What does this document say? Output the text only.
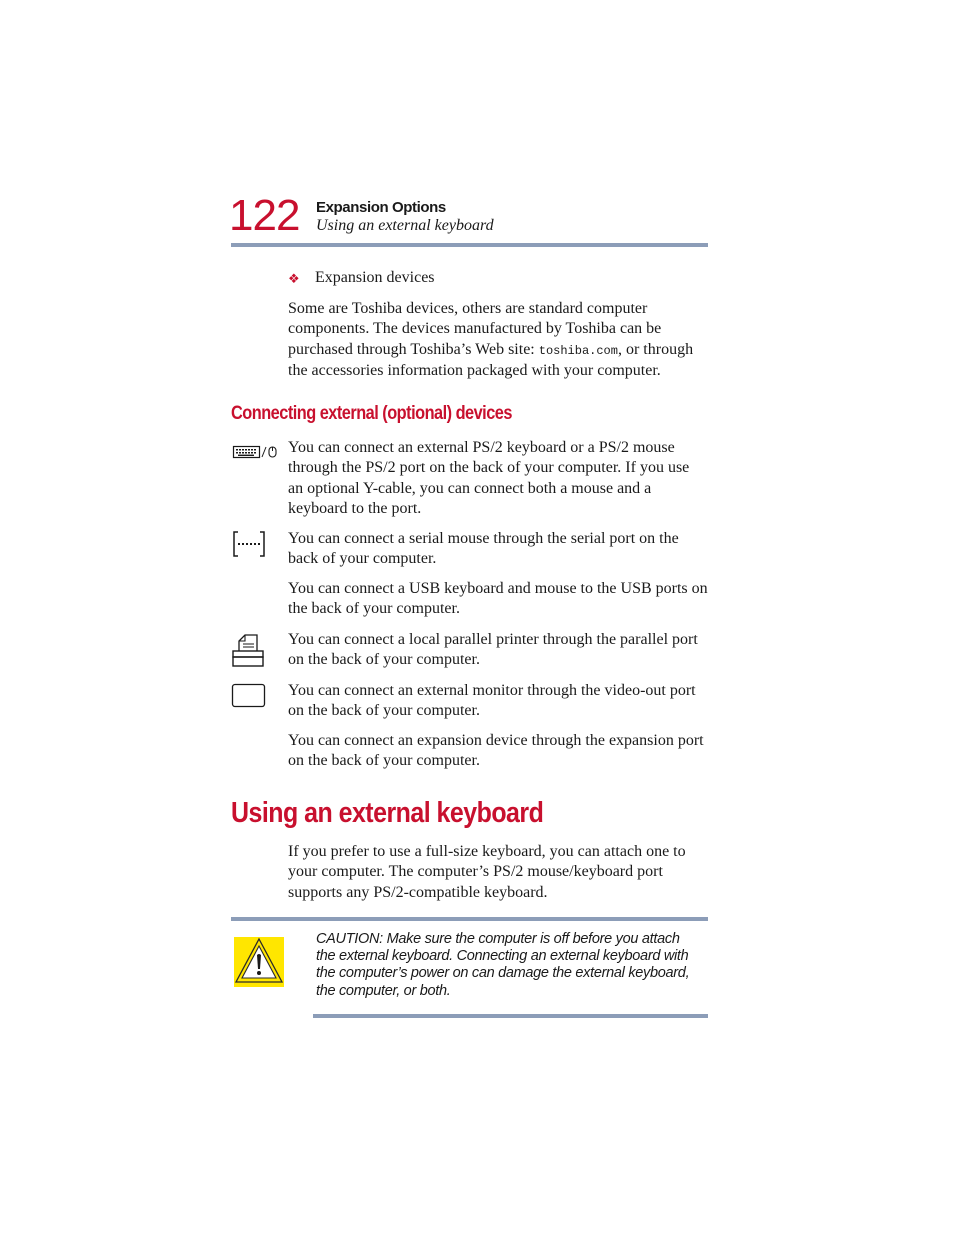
122 Expansion Options
Using an external keyboard
❖ Expansion devices
Some are Toshiba devices, others are standard computer components. The devices manufactured by Toshiba can be purchased through Toshiba’s Web site: toshiba.com, or through the accessories information packaged with your computer.
Connecting external (optional) devices
You can connect an external PS/2 keyboard or a PS/2 mouse through the PS/2 port on the back of your computer. If you use an optional Y-cable, you can connect both a mouse and a keyboard to the port.
You can connect a serial mouse through the serial port on the back of your computer.
You can connect a USB keyboard and mouse to the USB ports on the back of your computer.
You can connect a local parallel printer through the parallel port on the back of your computer.
You can connect an external monitor through the video-out port on the back of your computer.
You can connect an expansion device through the expansion port on the back of your computer.
Using an external keyboard
If you prefer to use a full-size keyboard, you can attach one to your computer. The computer’s PS/2 mouse/keyboard port supports any PS/2-compatible keyboard.
CAUTION: Make sure the computer is off before you attach the external keyboard. Connecting an external keyboard with the computer’s power on can damage the external keyboard, the computer, or both.
